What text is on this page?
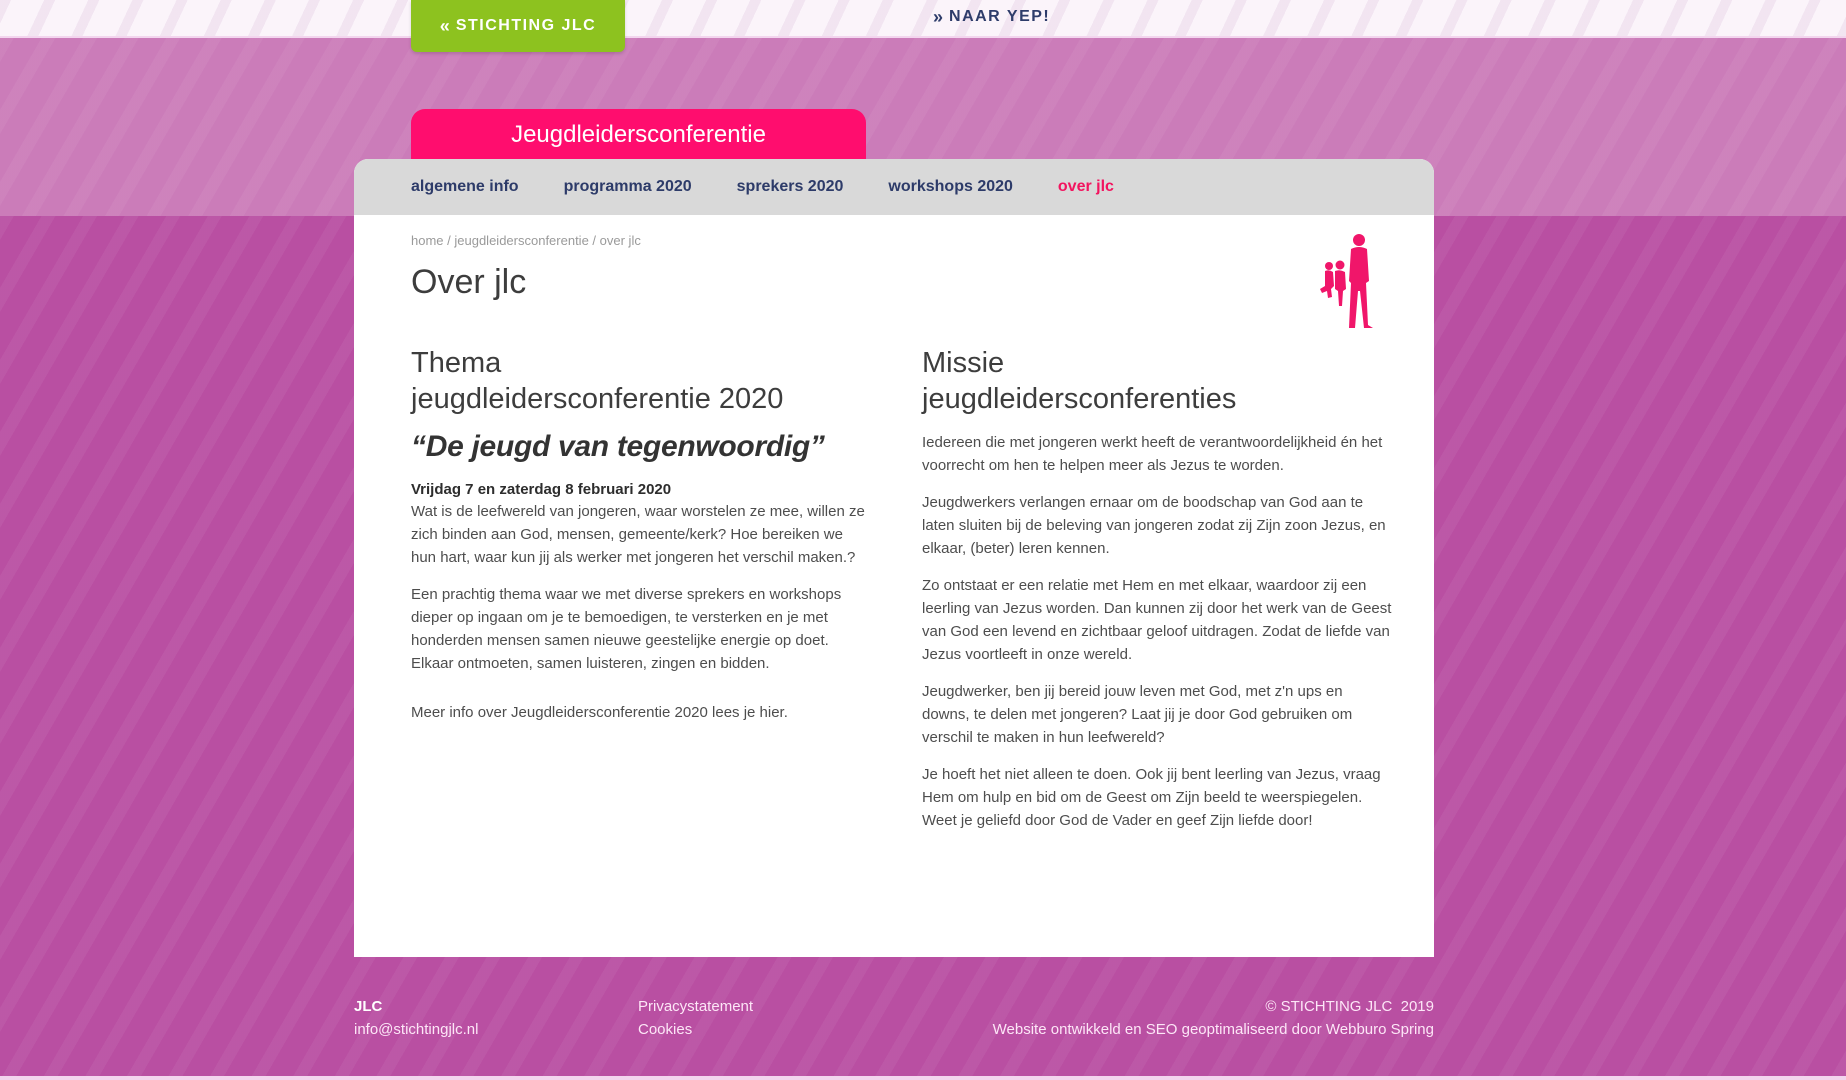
« STICHTING JLC	» NAAR YEP!
Jeugdleidersconferentie
algemene info	programma 2020	sprekers 2020	workshops 2020	over jlc
home / jeugdleidersconferentie / over jlc
Over jlc
Thema
jeugdleidersconferentie 2020
“De jeugd van tegenwoordig”
Vrijdag 7 en zaterdag 8 februari 2020

Wat is de leefwereld van jongeren, waar worstelen ze mee, willen ze zich binden aan God, mensen, gemeente/kerk? Hoe bereiken we hun hart, waar kun jij als werker met jongeren het verschil maken.?

Een prachtig thema waar we met diverse sprekers en workshops dieper op ingaan om je te bemoedigen, te versterken en je met honderden mensen samen nieuwe geestelijke energie op doet. Elkaar ontmoeten, samen luisteren, zingen en bidden.

Meer info over Jeugdleidersconferentie 2020 lees je hier.

Missie
jeugdleidersconferenties

Iedereen die met jongeren werkt heeft de verantwoordelijkheid én het voorrecht om hen te helpen meer als Jezus te worden.

Jeugdwerkers verlangen ernaar om de boodschap van God aan te laten sluiten bij de beleving van jongeren zodat zij Zijn zoon Jezus, en elkaar, (beter) leren kennen.

Zo ontstaat er een relatie met Hem en met elkaar, waardoor zij een leerling van Jezus worden. Dan kunnen zij door het werk van de Geest van God een levend en zichtbaar geloof uitdragen. Zodat de liefde van Jezus voortleeft in onze wereld.

Jeugdwerker, ben jij bereid jouw leven met God, met z'n ups en downs, te delen met jongeren? Laat jij je door God gebruiken om verschil te maken in hun leefwereld?

Je hoeft het niet alleen te doen. Ook jij bent leerling van Jezus, vraag Hem om hulp en bid om de Geest om Zijn beeld te weerspiegelen. Weet je geliefd door God de Vader en geef Zijn liefde door!

JLC
info@stichtingjlc.nl
Privacystatement
Cookies
© STICHTING JLC  2019
Website ontwikkeld en SEO geoptimaliseerd door Webburo Spring
